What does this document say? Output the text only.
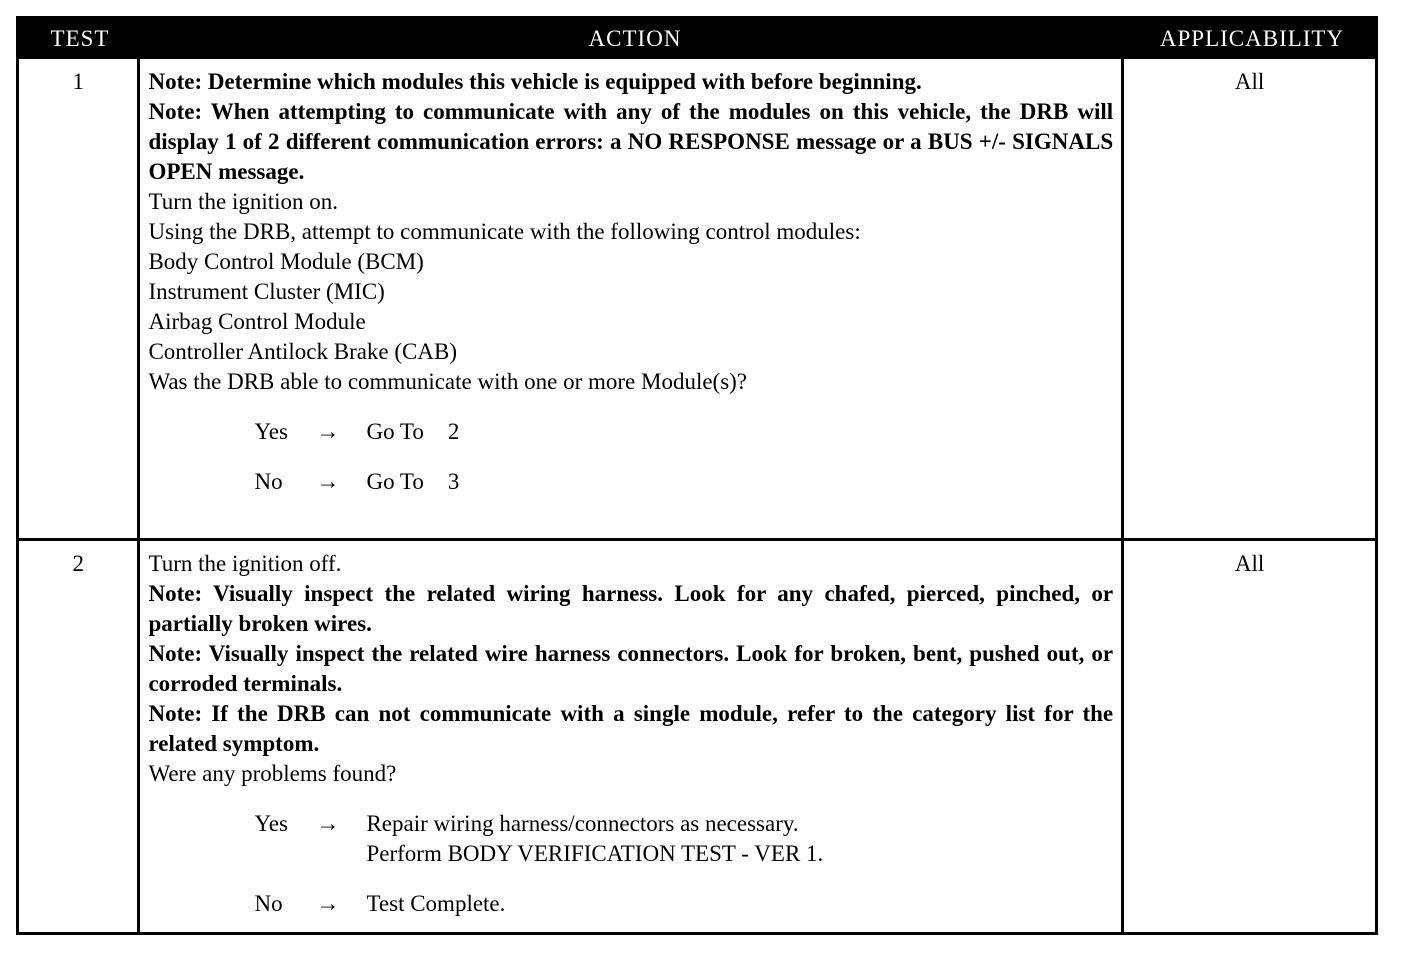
TEST	ACTION	APPLICABILITY
1	Note: Determine which modules this vehicle is equipped with before beginning.
Note: When attempting to communicate with any of the modules on this vehicle, the DRB will display 1 of 2 different communication errors: a NO RESPONSE message or a BUS +/- SIGNALS OPEN message.
Turn the ignition on.
Using the DRB, attempt to communicate with the following control modules:
Body Control Module (BCM)
Instrument Cluster (MIC)
Airbag Control Module
Controller Antilock Brake (CAB)
Was the DRB able to communicate with one or more Module(s)?
Yes	→	Go To 2
No	→	Go To 3
All
2	Turn the ignition off.
Note: Visually inspect the related wiring harness. Look for any chafed, pierced, pinched, or partially broken wires.
Note: Visually inspect the related wire harness connectors. Look for broken, bent, pushed out, or corroded terminals.
Note: If the DRB can not communicate with a single module, refer to the category list for the related symptom.
Were any problems found?
Yes	→	Repair wiring harness/connectors as necessary.
Perform BODY VERIFICATION TEST - VER 1.
No	→	Test Complete.
All
